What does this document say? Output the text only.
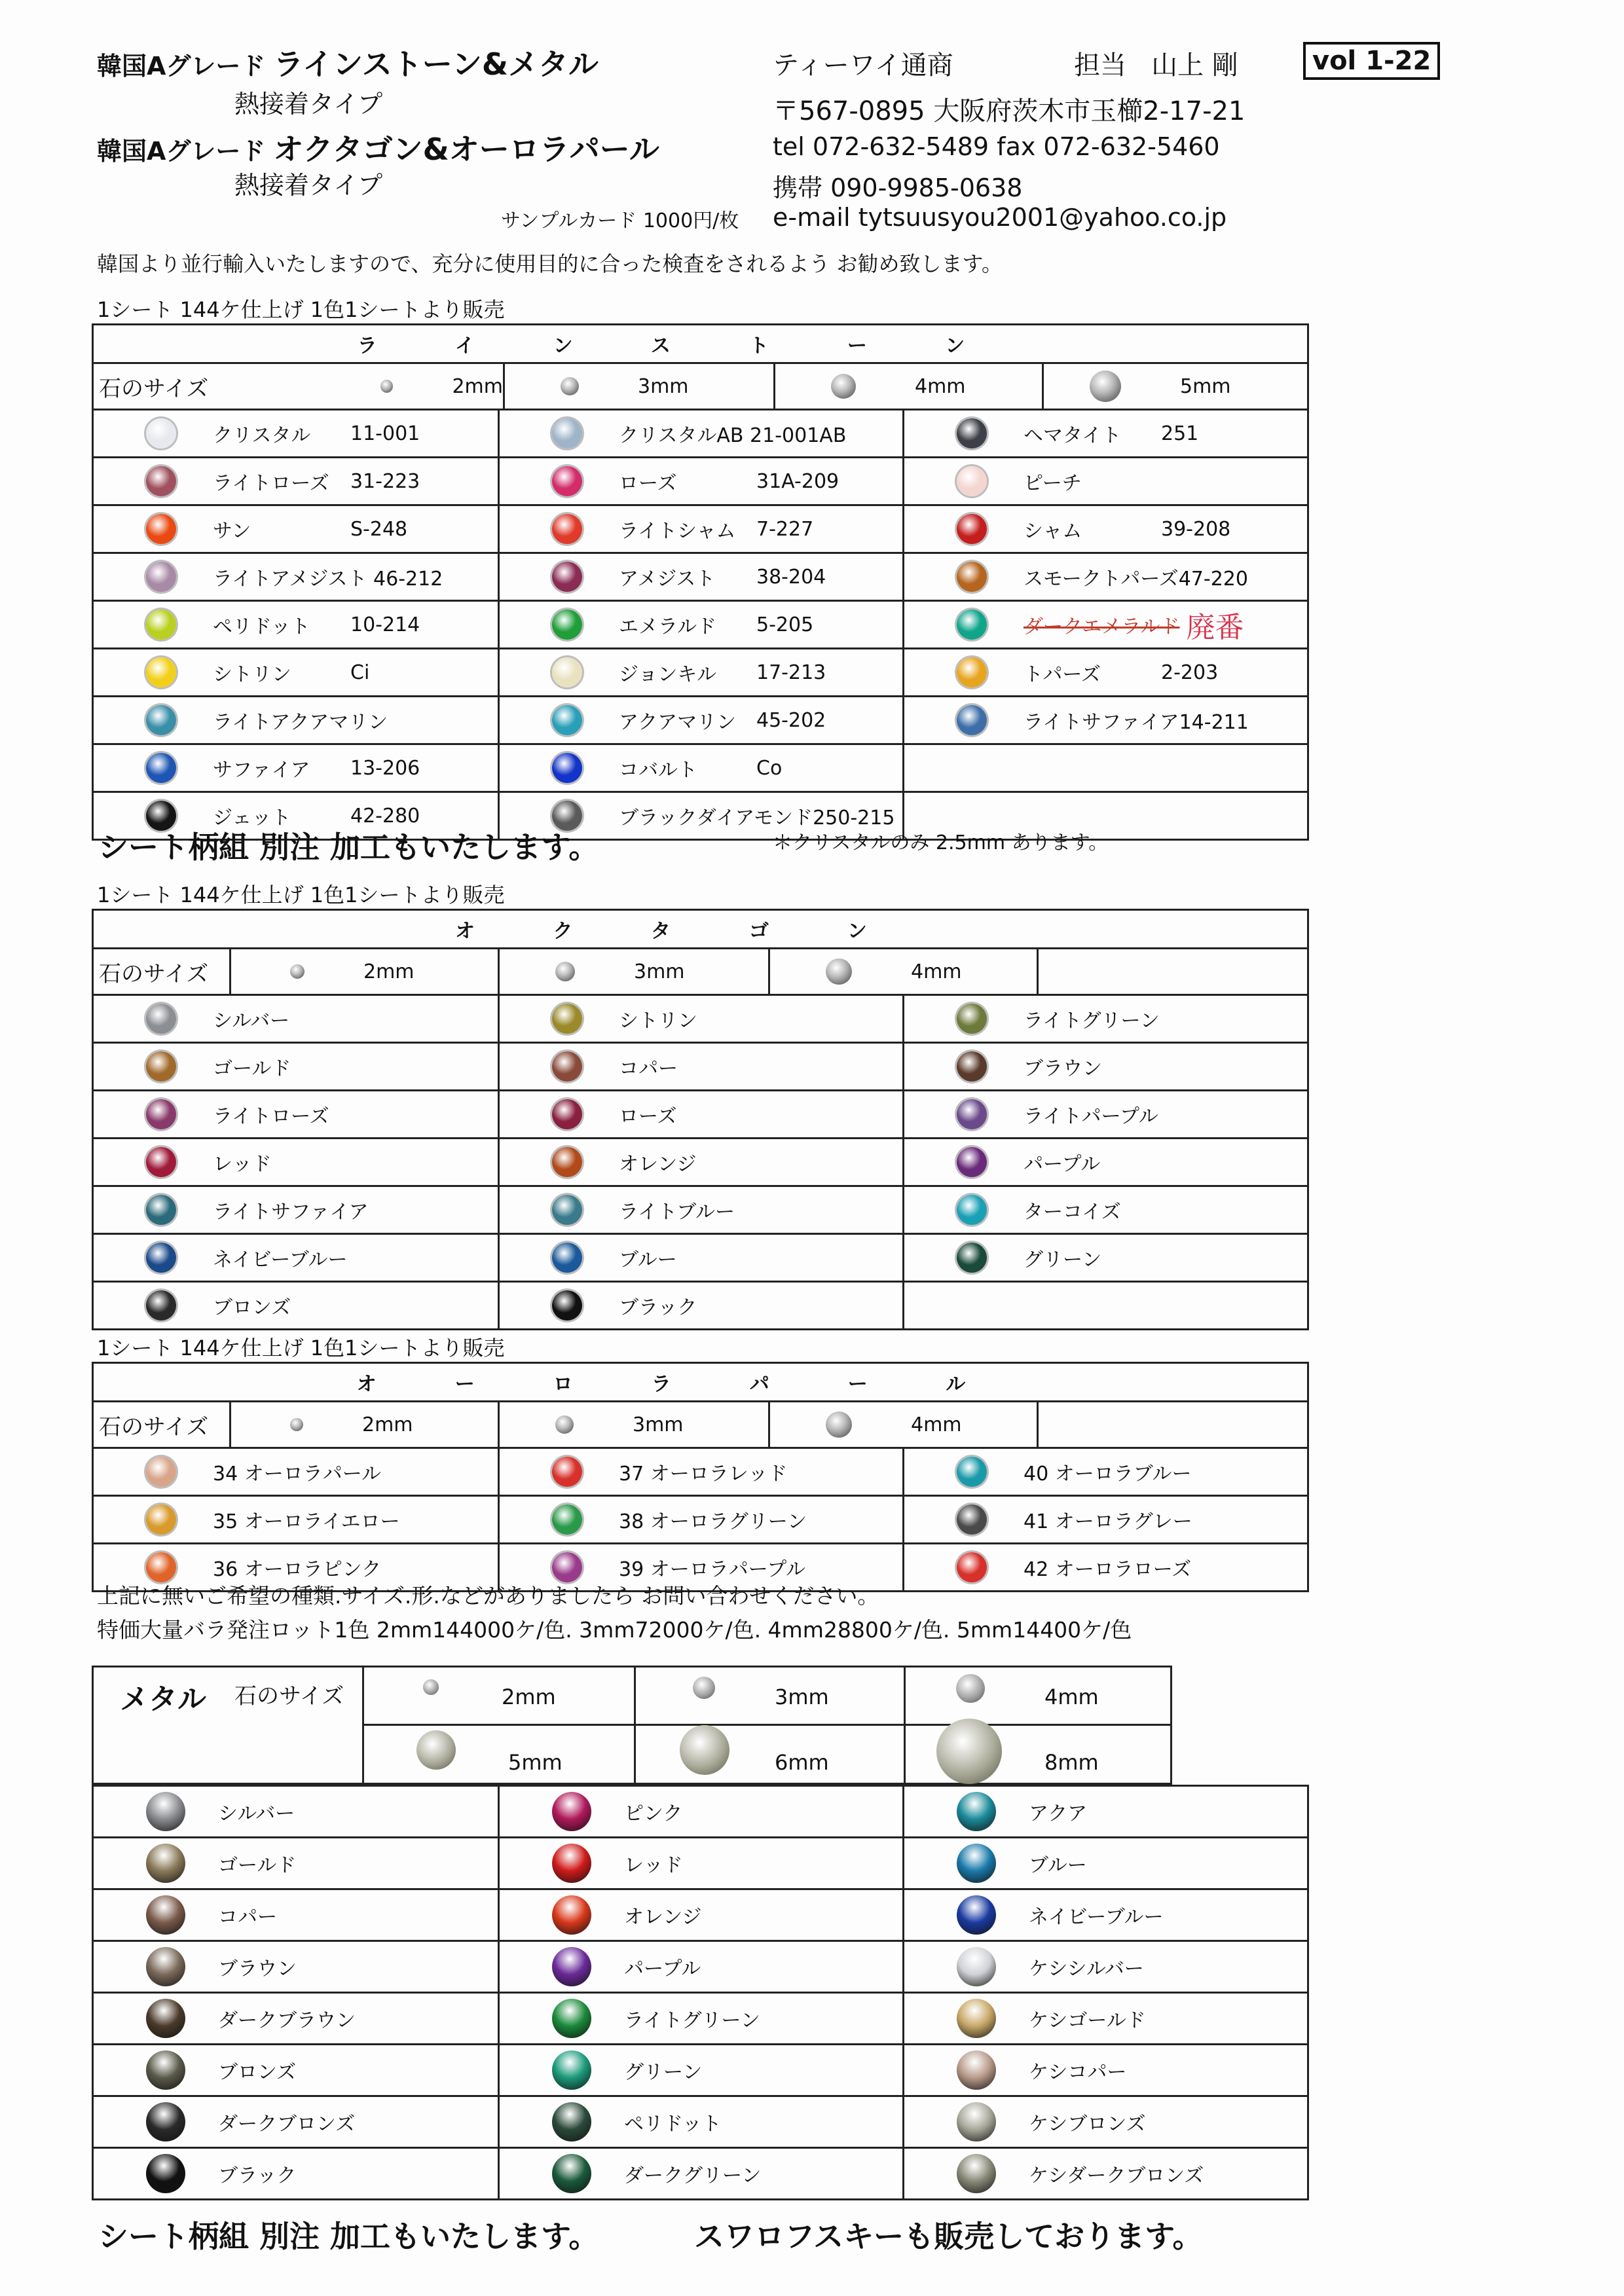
韓国Aグレード ラインストーン&メタル
熱接着タイプ
韓国Aグレード オクタゴン&オーロラパール
熱接着タイプ
サンプルカード 1000円/枚
ティーワイ通商	担当 山上 剛	vol 1-22
〒567-0895 大阪府茨木市玉櫛2-17-21
tel 072-632-5489 fax 072-632-5460
携帯 090-9985-0638
e-mail tytsuusyou2001@yahoo.co.jp
韓国より並行輸入いたしますので、充分に使用目的に合った検査をされるよう お勧め致します。
1シート 144ケ仕上げ 1色1シートより販売
ラインストーン		

石のサイズ 2mm 3mm 4mm 5mm		

クリスタル 11-001	クリスタルAB 21-001AB	ヘマタイト 251

ライトローズ 31-223	ローズ 31A-209	ピーチ

サン S-248	ライトシャム 7-227	シャム 39-208

ライトアメジスト 46-212	アメジスト 38-204	スモークトパーズ47-220

ペリドット 10-214	エメラルド 5-205	ダークエメラルド 廃番

シトリン Ci	ジョンキル 17-213	トパーズ 2-203

ライトアクアマリン	アクアマリン 45-202	ライトサファイア14-211

サファイア 13-206	コバルト Co	

ジェット 42-280	ブラックダイアモンド250-215	

シート柄組 別注 加工もいたします。	＊クリスタルのみ 2.5mm あります。
1シート 144ケ仕上げ 1色1シートより販売
オクタゴン		

石のサイズ 2mm 3mm 4mm		

シルバー	シトリン	ライトグリーン

ゴールド	コパー	ブラウン

ライトローズ	ローズ	ライトパープル

レッド	オレンジ	パープル

ライトサファイア	ライトブルー	ターコイズ

ネイビーブルー	ブルー	グリーン

ブロンズ	ブラック	

1シート 144ケ仕上げ 1色1シートより販売
オーロラパール		

石のサイズ 2mm 3mm 4mm		

34 オーロラパール	37 オーロラレッド	40 オーロラブルー

35 オーロライエロー	38 オーロラグリーン	41 オーロラグレー

36 オーロラピンク	39 オーロラパープル	42 オーロラローズ
上記に無いご希望の種類.サイズ.形.などがありましたら お問い合わせください。
特価大量バラ発注ロット1色 2mm144000ケ/色. 3mm72000ケ/色. 4mm28800ケ/色. 5mm14400ケ/色
メタル 石のサイズ	2mm	3mm	4mm
5mm	6mm	8mm
シルバー	ピンク	アクア

ゴールド	レッド	ブルー

コパー	オレンジ	ネイビーブルー

ブラウン	パープル	ケシシルバー

ダークブラウン	ライトグリーン	ケシゴールド

ブロンズ	グリーン	ケシコパー

ダークブロンズ	ペリドット	ケシブロンズ

ブラック	ダークグリーン	ケシダークブロンズ
シート柄組 別注 加工もいたします。	スワロフスキーも販売しております。
